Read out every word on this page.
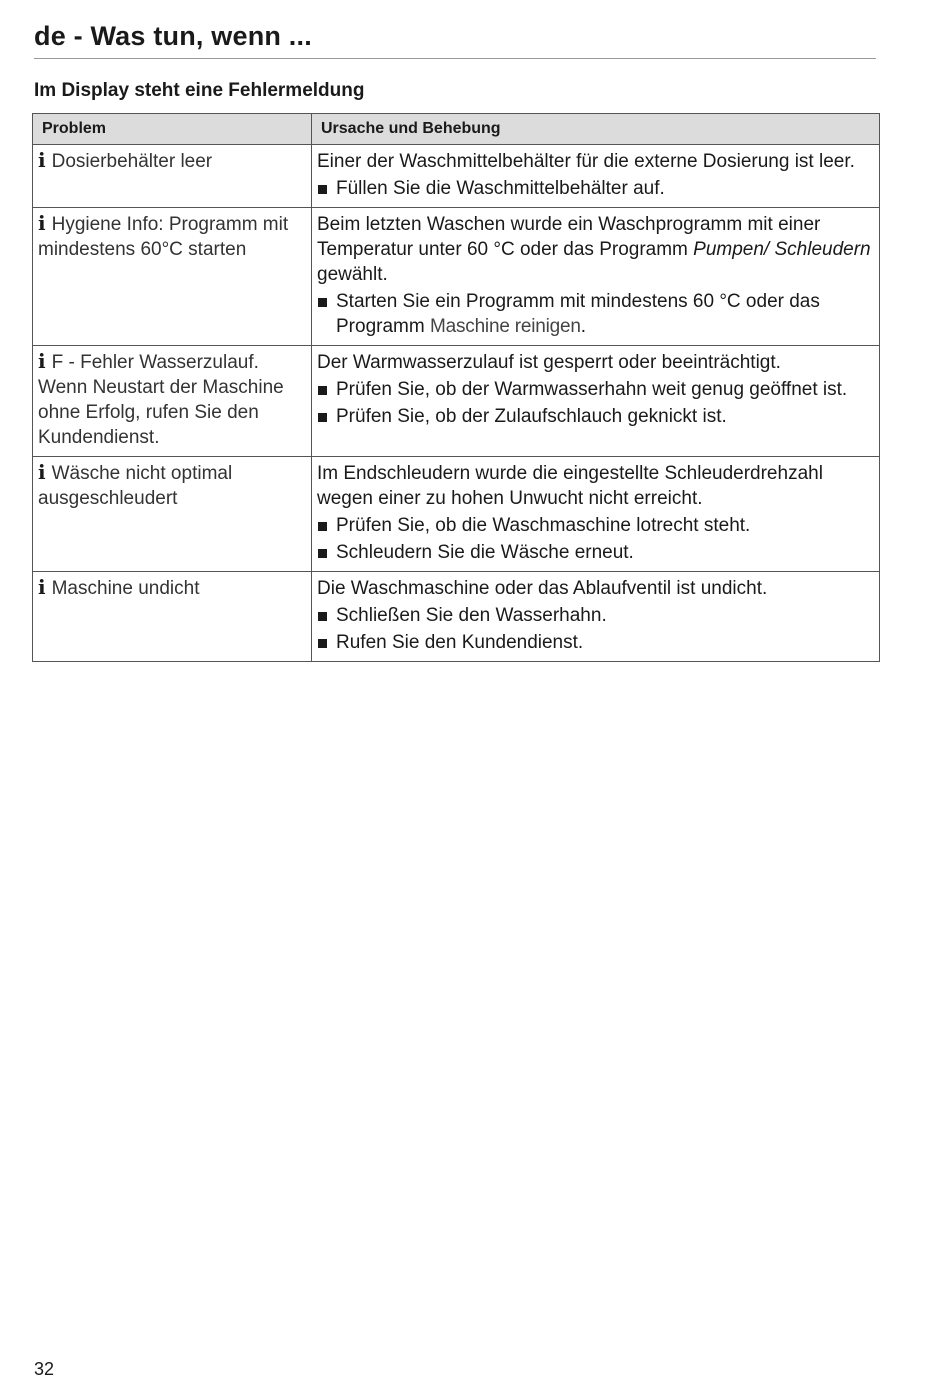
de - Was tun, wenn ...
Im Display steht eine Fehlermeldung
Problem	Ursache und Behebung
i Dosierbehälter leer	Einer der Waschmittelbehälter für die externe Dosierung ist leer.

Füllen Sie die Waschmittelbehälter auf.

i Hygiene Info: Programm mit mindestens 60°C starten	Beim letzten Waschen wurde ein Waschprogramm mit einer Temperatur unter 60 °C oder das Programm Pumpen/ Schleudern gewählt.

Starten Sie ein Programm mit mindestens 60 °C oder das Programm Maschine reinigen.

i F - Fehler Wasserzulauf. Wenn Neustart der Maschine ohne Erfolg, rufen Sie den Kundendienst.	Der Warmwasserzulauf ist gesperrt oder beeinträchtigt.

Prüfen Sie, ob der Warmwasserhahn weit genug geöffnet ist.
Prüfen Sie, ob der Zulaufschlauch geknickt ist.

i Wäsche nicht optimal ausgeschleudert	Im Endschleudern wurde die eingestellte Schleuderdrehzahl wegen einer zu hohen Unwucht nicht erreicht.

Prüfen Sie, ob die Waschmaschine lotrecht steht.
Schleudern Sie die Wäsche erneut.

i Maschine undicht	Die Waschmaschine oder das Ablaufventil ist undicht.

Schließen Sie den Wasserhahn.
Rufen Sie den Kundendienst.
32
